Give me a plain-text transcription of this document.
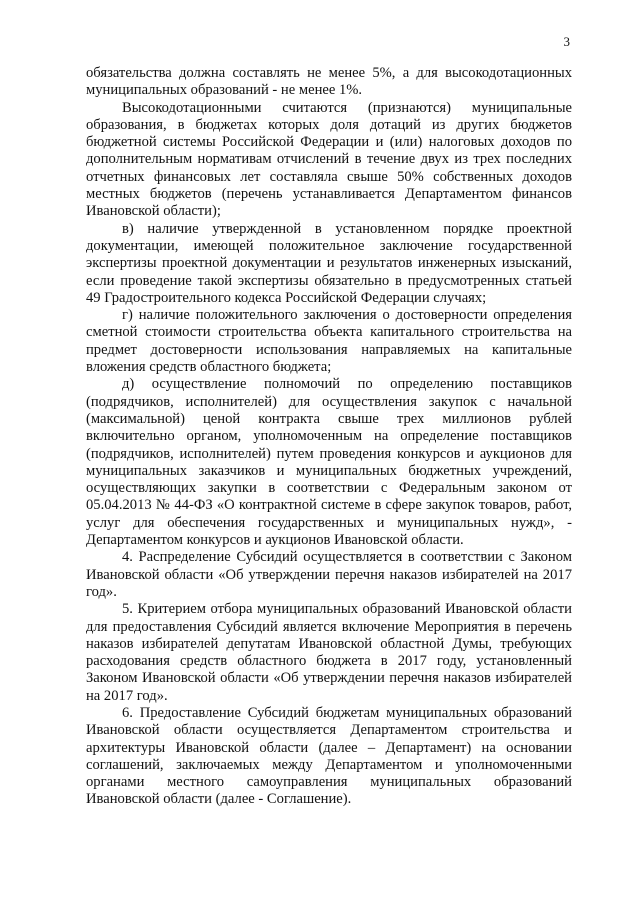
3

обязательства должна составлять не менее 5%, а для высокодотационных муниципальных образований - не менее 1%.

Высокодотационными считаются (признаются) муниципальные образования, в бюджетах которых доля дотаций из других бюджетов бюджетной системы Российской Федерации и (или) налоговых доходов по дополнительным нормативам отчислений в течение двух из трех последних отчетных финансовых лет составляла свыше 50% собственных доходов местных бюджетов (перечень устанавливается Департаментом финансов Ивановской области);

в) наличие утвержденной в установленном порядке проектной документации, имеющей положительное заключение государственной экспертизы проектной документации и результатов инженерных изысканий, если проведение такой экспертизы обязательно в предусмотренных статьей 49 Градостроительного кодекса Российской Федерации случаях;

г) наличие положительного заключения о достоверности определения сметной стоимости строительства объекта капитального строительства на предмет достоверности использования направляемых на капитальные вложения средств областного бюджета;

д) осуществление полномочий по определению поставщиков (подрядчиков, исполнителей) для осуществления закупок с начальной (максимальной) ценой контракта свыше трех миллионов рублей включительно органом, уполномоченным на определение поставщиков (подрядчиков, исполнителей) путем проведения конкурсов и аукционов для муниципальных заказчиков и муниципальных бюджетных учреждений, осуществляющих закупки в соответствии с Федеральным законом от 05.04.2013 № 44-ФЗ «О контрактной системе в сфере закупок товаров, работ, услуг для обеспечения государственных и муниципальных нужд», - Департаментом конкурсов и аукционов Ивановской области.

4. Распределение Субсидий осуществляется в соответствии с Законом Ивановской области «Об утверждении перечня наказов избирателей на 2017 год».

5. Критерием отбора муниципальных образований Ивановской области для предоставления Субсидий является включение Мероприятия в перечень наказов избирателей депутатам Ивановской областной Думы, требующих расходования средств областного бюджета в 2017 году, установленный Законом Ивановской области «Об утверждении перечня наказов избирателей на 2017 год».

6. Предоставление Субсидий бюджетам муниципальных образований Ивановской области осуществляется Департаментом строительства и архитектуры Ивановской области (далее – Департамент) на основании соглашений, заключаемых между Департаментом и уполномоченными органами местного самоуправления муниципальных образований Ивановской области (далее - Соглашение).
